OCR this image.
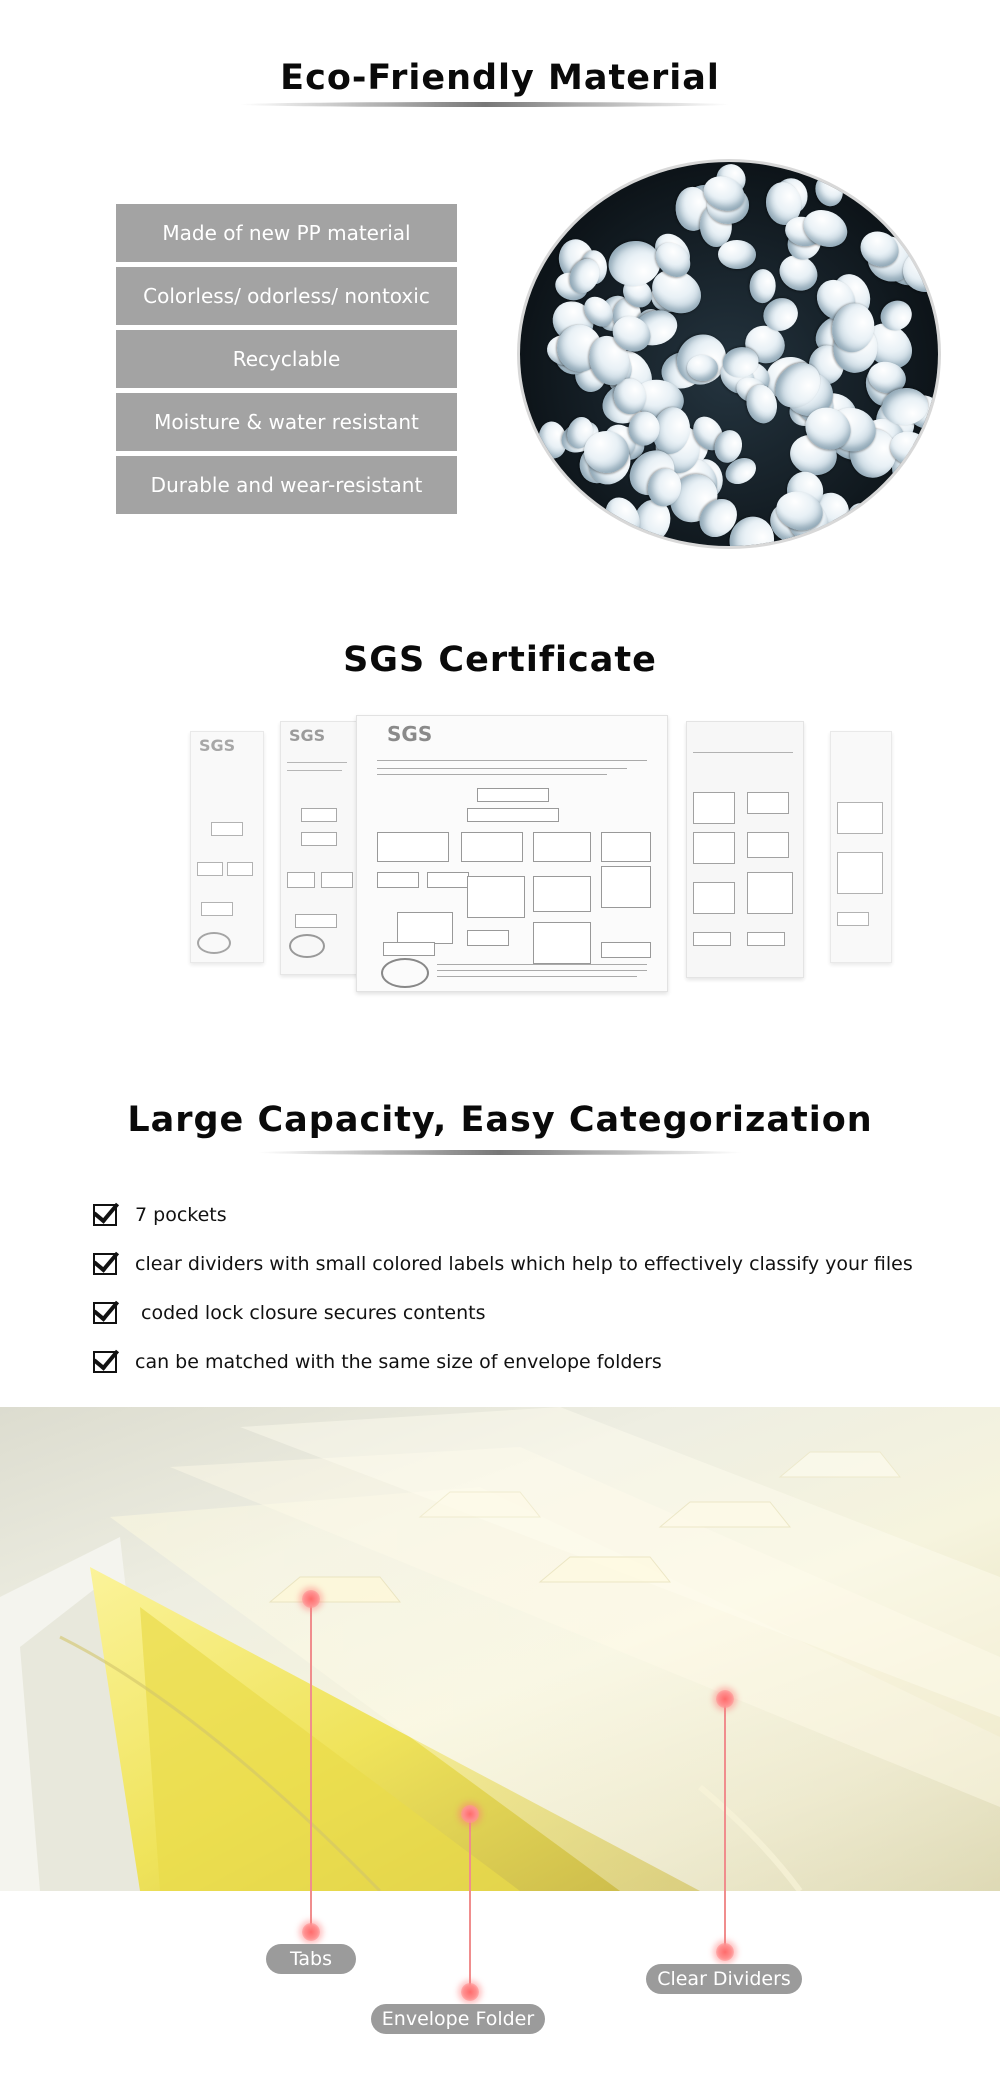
Eco-Friendly Material
Made of new PP material
Colorless/ odorless/ nontoxic
Recyclable
Moisture & water resistant
Durable and wear-resistant
SGS Certificate
SGS
SGS	SGS
Large Capacity, Easy Categorization
7 pockets
clear dividers with small colored labels which help to effectively classify your files
coded lock closure secures contents
can be matched with the same size of envelope folders
Tabs
Envelope Folder
Clear Dividers
